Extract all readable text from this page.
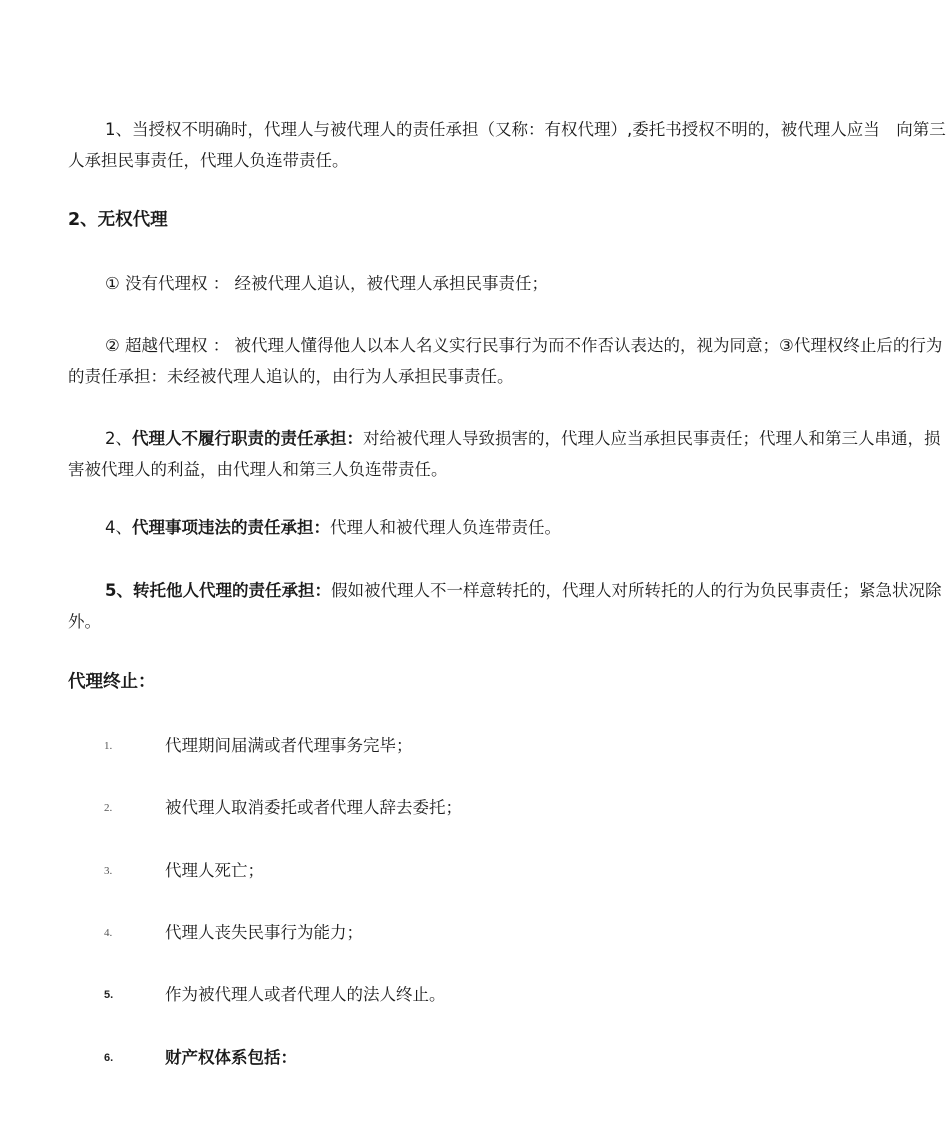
1、当授权不明确时，代理人与被代理人的责任承担（又称：有权代理）,委托书授权不明的，被代理人应当　向第三人承担民事责任，代理人负连带责任。

2、无权代理

① 没有代理权 ： 经被代理人追认，被代理人承担民事责任；

② 超越代理权 ： 被代理人懂得他人以本人名义实行民事行为而不作否认表达的，视为同意；③代理权终止后的行为的责任承担：未经被代理人追认的，由行为人承担民事责任。

2、代理人不履行职责的责任承担：对给被代理人导致损害的，代理人应当承担民事责任；代理人和第三人串通，损害被代理人的利益，由代理人和第三人负连带责任。

4、代理事项违法的责任承担：代理人和被代理人负连带责任。

5、转托他人代理的责任承担：假如被代理人不一样意转托的，代理人对所转托的人的行为负民事责任；紧急状况除外。

代理终止：
1.	代理期间届满或者代理事务完毕；
2.	被代理人取消委托或者代理人辞去委托；
3.	代理人死亡；
4.	代理人丧失民事行为能力；
5.	作为被代理人或者代理人的法人终止。
6.	财产权体系包括：
